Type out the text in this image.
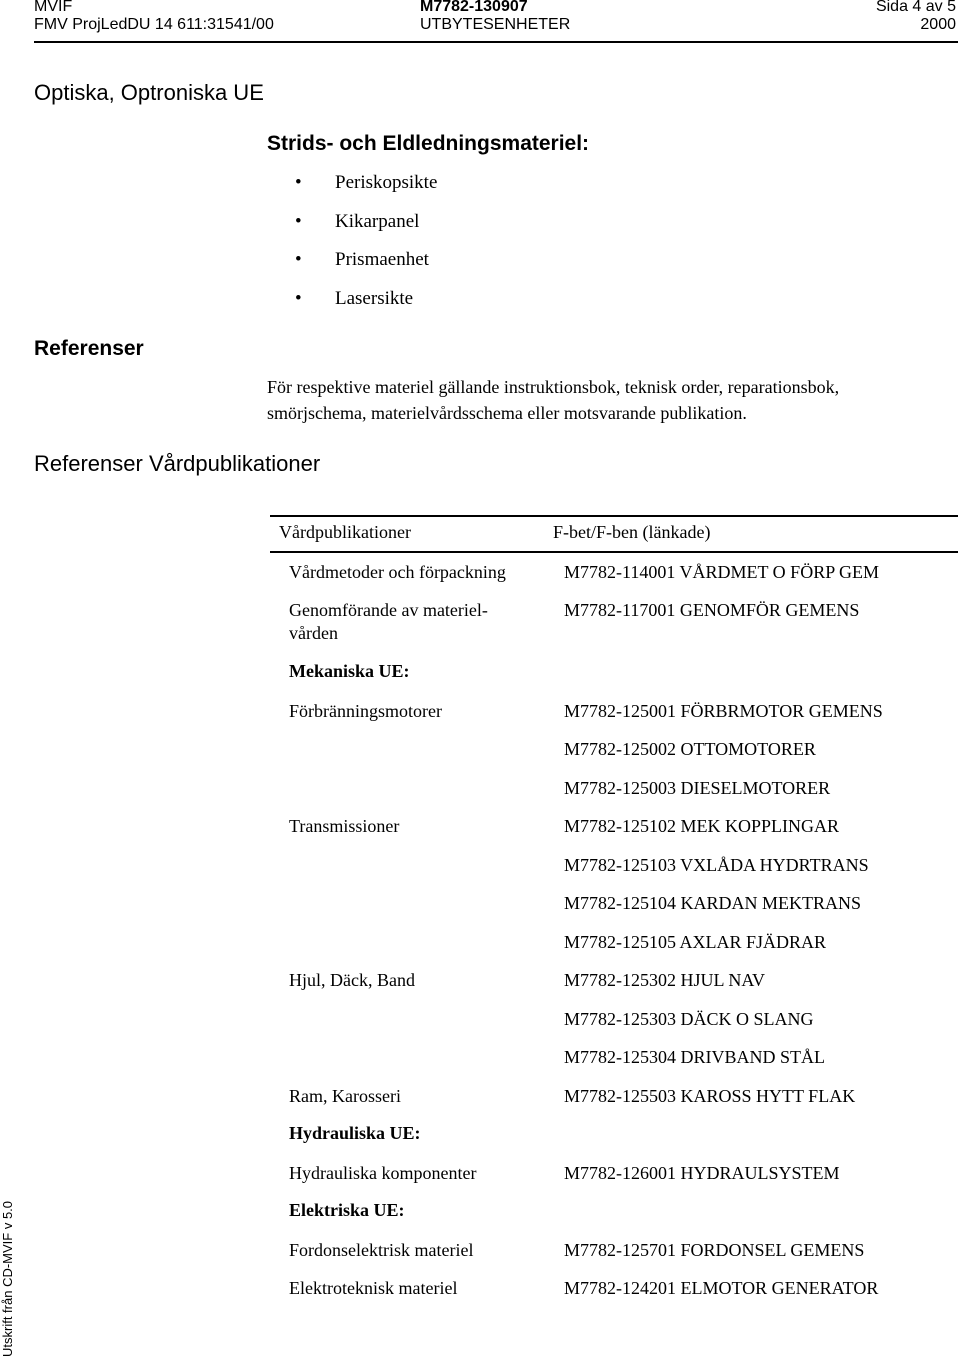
MVIF
FMV ProjLedDU 14 611:31541/00
M7782-130907
UTBYTESENHETER
Sida 4 av 5
2000
Optiska, Optroniska UE
Strids- och Eldledningsmateriel:
• Periskopsikte
• Kikarpanel
• Prismaenhet
• Lasersikte
Referenser
För respektive materiel gällande instruktionsbok, teknisk order, reparationsbok,
smörjschema, materielvårdsschema eller motsvarande publikation.
Referenser Vårdpublikationer
Vårdpublikationer	F-bet/F-ben (länkade)
Vårdmetoder och förpackning	M7782-114001 VÅRDMET O FÖRP GEM
Genomförande av materiel-	M7782-117001 GENOMFÖR GEMENS
vården
Mekaniska UE:
Förbränningsmotorer	M7782-125001 FÖRBRMOTOR GEMENS
M7782-125002 OTTOMOTORER
M7782-125003 DIESELMOTORER
Transmissioner	M7782-125102 MEK KOPPLINGAR
M7782-125103 VXLÅDA HYDRTRANS
M7782-125104 KARDAN MEKTRANS
M7782-125105 AXLAR FJÄDRAR
Hjul, Däck, Band	M7782-125302 HJUL NAV
M7782-125303 DÄCK O SLANG
M7782-125304 DRIVBAND STÅL
Ram, Karosseri	M7782-125503 KAROSS HYTT FLAK
Hydrauliska UE:
Hydrauliska komponenter	M7782-126001 HYDRAULSYSTEM
Elektriska UE:
Fordonselektrisk materiel	M7782-125701 FORDONSEL GEMENS
Elektroteknisk materiel	M7782-124201 ELMOTOR GENERATOR
Utskrift från CD-MVIF v 5.0
